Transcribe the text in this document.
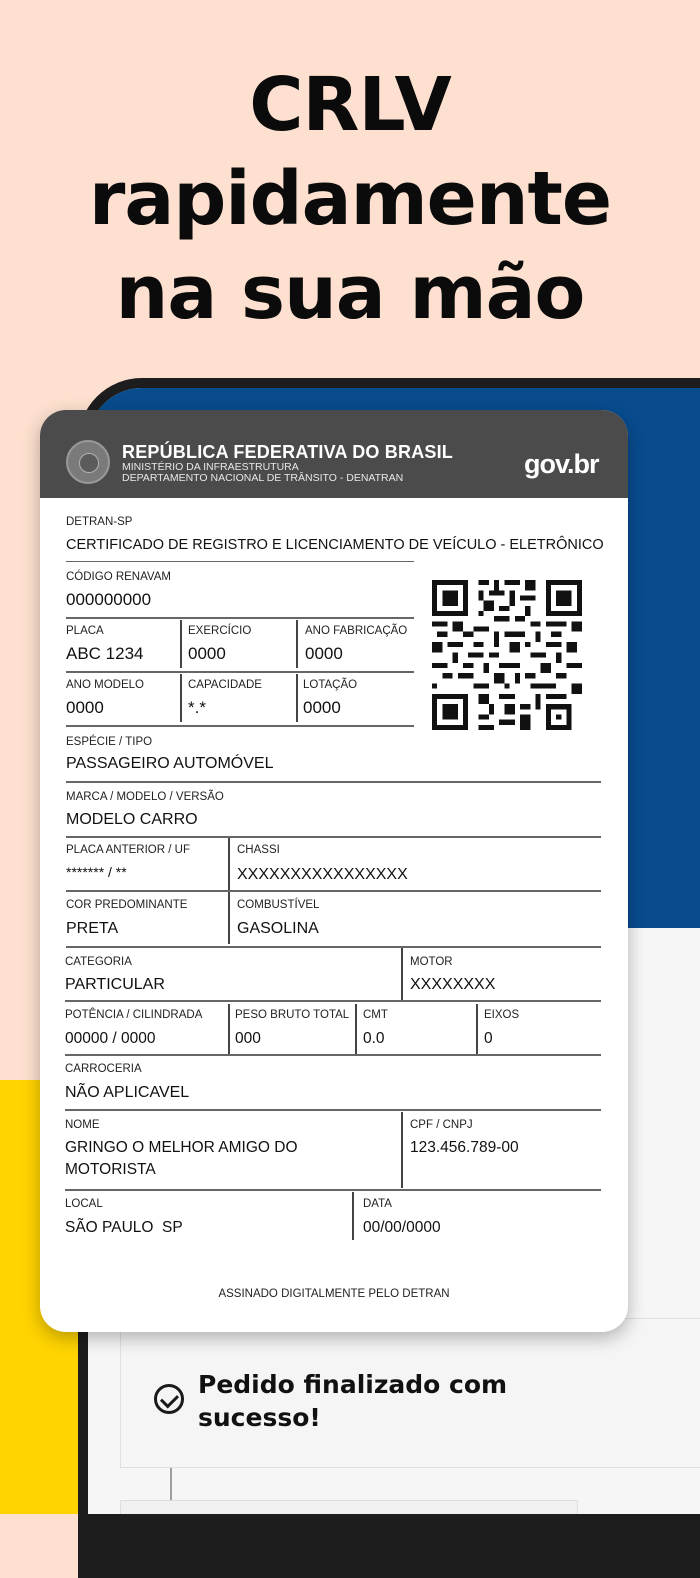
CRLV
rapidamente
na sua mão
Pedido finalizado com sucesso!
REPÚBLICA FEDERATIVA DO BRASIL
MINISTÉRIO DA INFRAESTRUTURA
DEPARTAMENTO NACIONAL DE TRÂNSITO - DENATRAN	gov.br
DETRAN-SP
CERTIFICADO DE REGISTRO E LICENCIAMENTO DE VEÍCULO - ELETRÔNICO
CÓDIGO RENAVAM
000000000
PLACA
ABC 1234
EXERCÍCIO
0000
ANO FABRICAÇÃO
0000
ANO MODELO
0000
CAPACIDADE
*.*
LOTAÇÃO
0000
ESPÉCIE / TIPO
PASSAGEIRO AUTOMÓVEL
MARCA / MODELO / VERSÃO
MODELO CARRO
PLACA ANTERIOR / UF
******* / **
CHASSI
XXXXXXXXXXXXXXXX
COR PREDOMINANTE
PRETA
COMBUSTÍVEL
GASOLINA
CATEGORIA
PARTICULAR
MOTOR
XXXXXXXX
POTÊNCIA / CILINDRADA
00000 / 0000
PESO BRUTO TOTAL
000
CMT
0.0
EIXOS
0
CARROCERIA
NÃO APLICAVEL
NOME
GRINGO O MELHOR AMIGO DO MOTORISTA
CPF / CNPJ
123.456.789-00
LOCAL
SÃO PAULO  SP
DATA
00/00/0000
ASSINADO DIGITALMENTE PELO DETRAN
